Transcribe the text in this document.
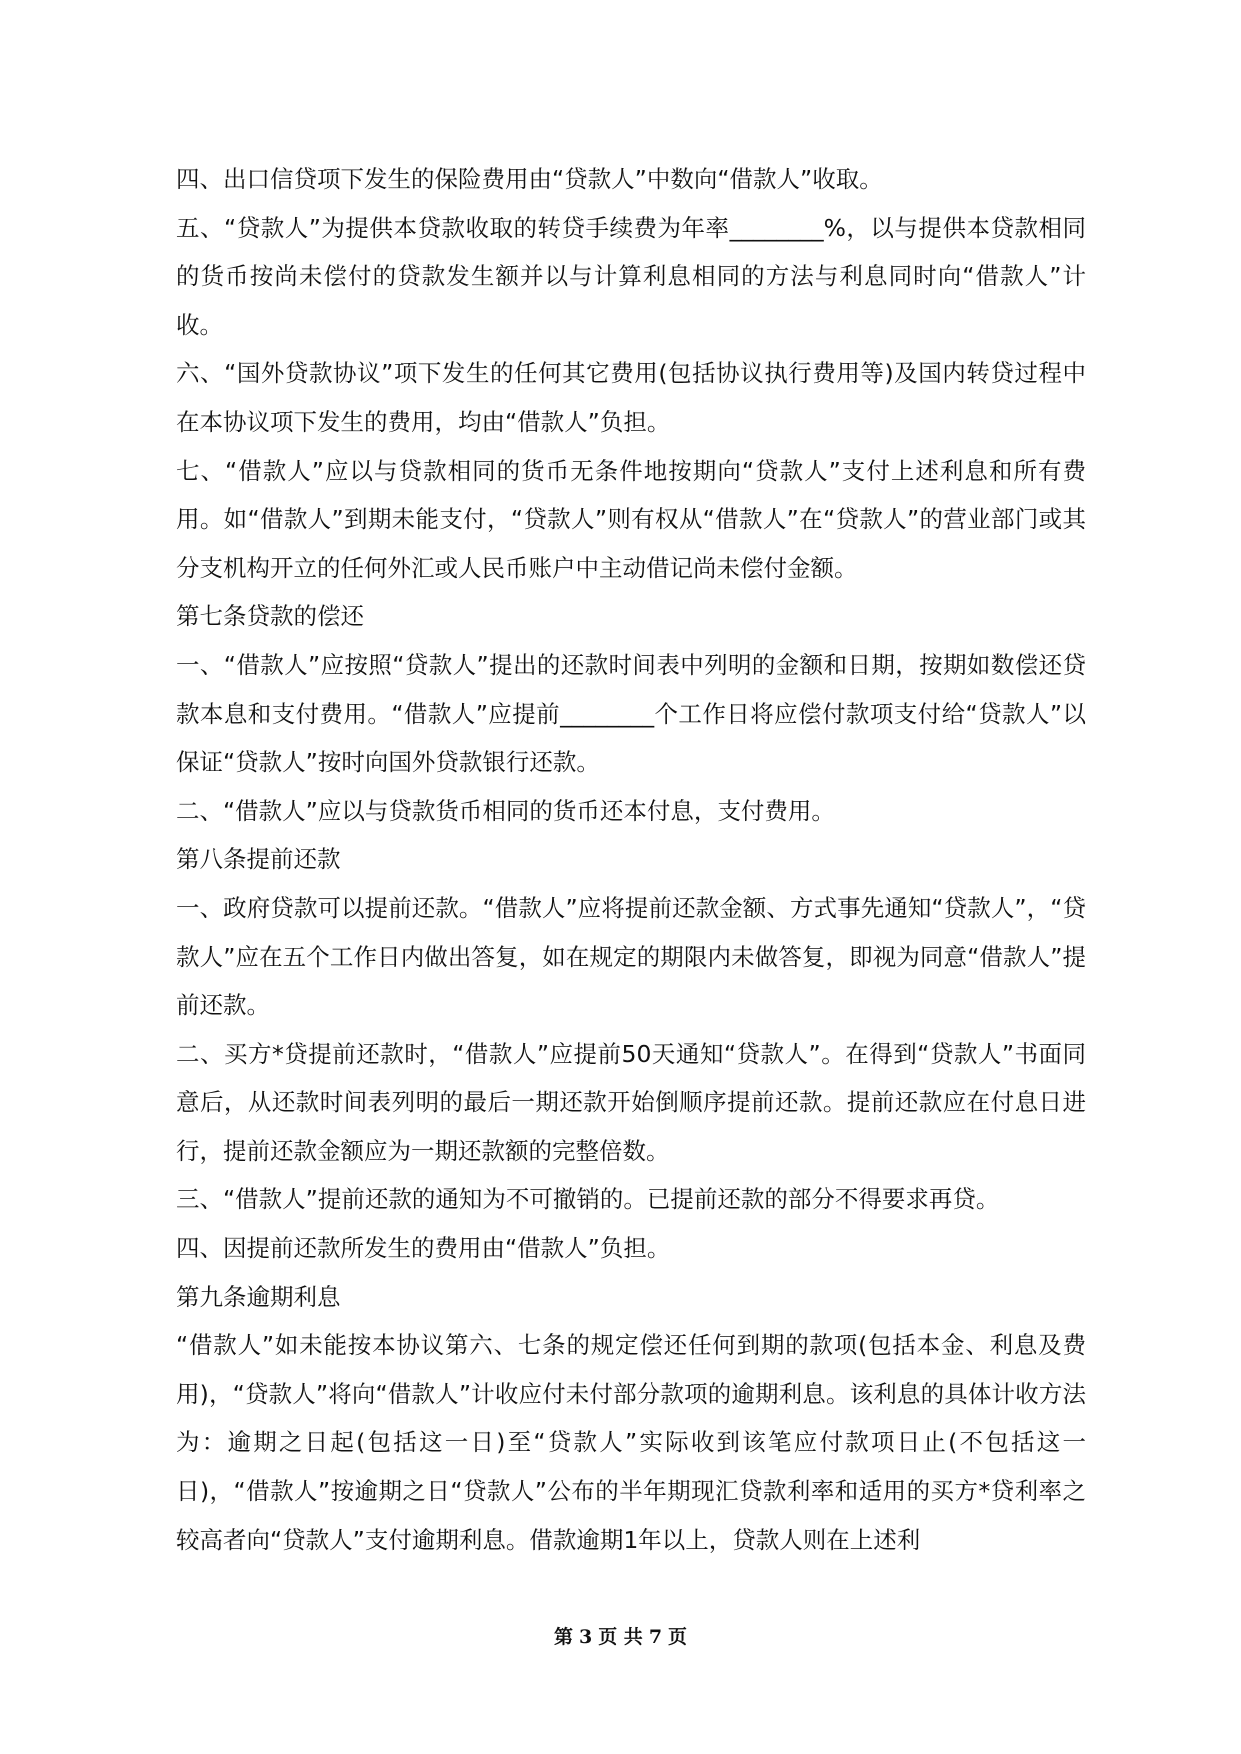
四、出口信贷项下发生的保险费用由“贷款人”中数向“借款人”收取。

五、“贷款人”为提供本贷款收取的转贷手续费为年率________%，以与提供本贷款相同的货币按尚未偿付的贷款发生额并以与计算利息相同的方法与利息同时向“借款人”计收。

六、“国外贷款协议”项下发生的任何其它费用(包括协议执行费用等)及国内转贷过程中在本协议项下发生的费用，均由“借款人”负担。

七、“借款人”应以与贷款相同的货币无条件地按期向“贷款人”支付上述利息和所有费用。如“借款人”到期未能支付，“贷款人”则有权从“借款人”在“贷款人”的营业部门或其分支机构开立的任何外汇或人民币账户中主动借记尚未偿付金额。

第七条贷款的偿还

一、“借款人”应按照“贷款人”提出的还款时间表中列明的金额和日期，按期如数偿还贷款本息和支付费用。“借款人”应提前________个工作日将应偿付款项支付给“贷款人”以保证“贷款人”按时向国外贷款银行还款。

二、“借款人”应以与贷款货币相同的货币还本付息，支付费用。

第八条提前还款

一、政府贷款可以提前还款。“借款人”应将提前还款金额、方式事先通知“贷款人”，“贷款人”应在五个工作日内做出答复，如在规定的期限内未做答复，即视为同意“借款人”提前还款。

二、买方*贷提前还款时，“借款人”应提前50天通知“贷款人”。在得到“贷款人”书面同意后，从还款时间表列明的最后一期还款开始倒顺序提前还款。提前还款应在付息日进行，提前还款金额应为一期还款额的完整倍数。

三、“借款人”提前还款的通知为不可撤销的。已提前还款的部分不得要求再贷。

四、因提前还款所发生的费用由“借款人”负担。

第九条逾期利息

“借款人”如未能按本协议第六、七条的规定偿还任何到期的款项(包括本金、利息及费用)，“贷款人”将向“借款人”计收应付未付部分款项的逾期利息。该利息的具体计收方法为：逾期之日起(包括这一日)至“贷款人”实际收到该笔应付款项日止(不包括这一日)，“借款人”按逾期之日“贷款人”公布的半年期现汇贷款利率和适用的买方*贷利率之较高者向“贷款人”支付逾期利息。借款逾期1年以上，贷款人则在上述利

第 3 页 共 7 页
